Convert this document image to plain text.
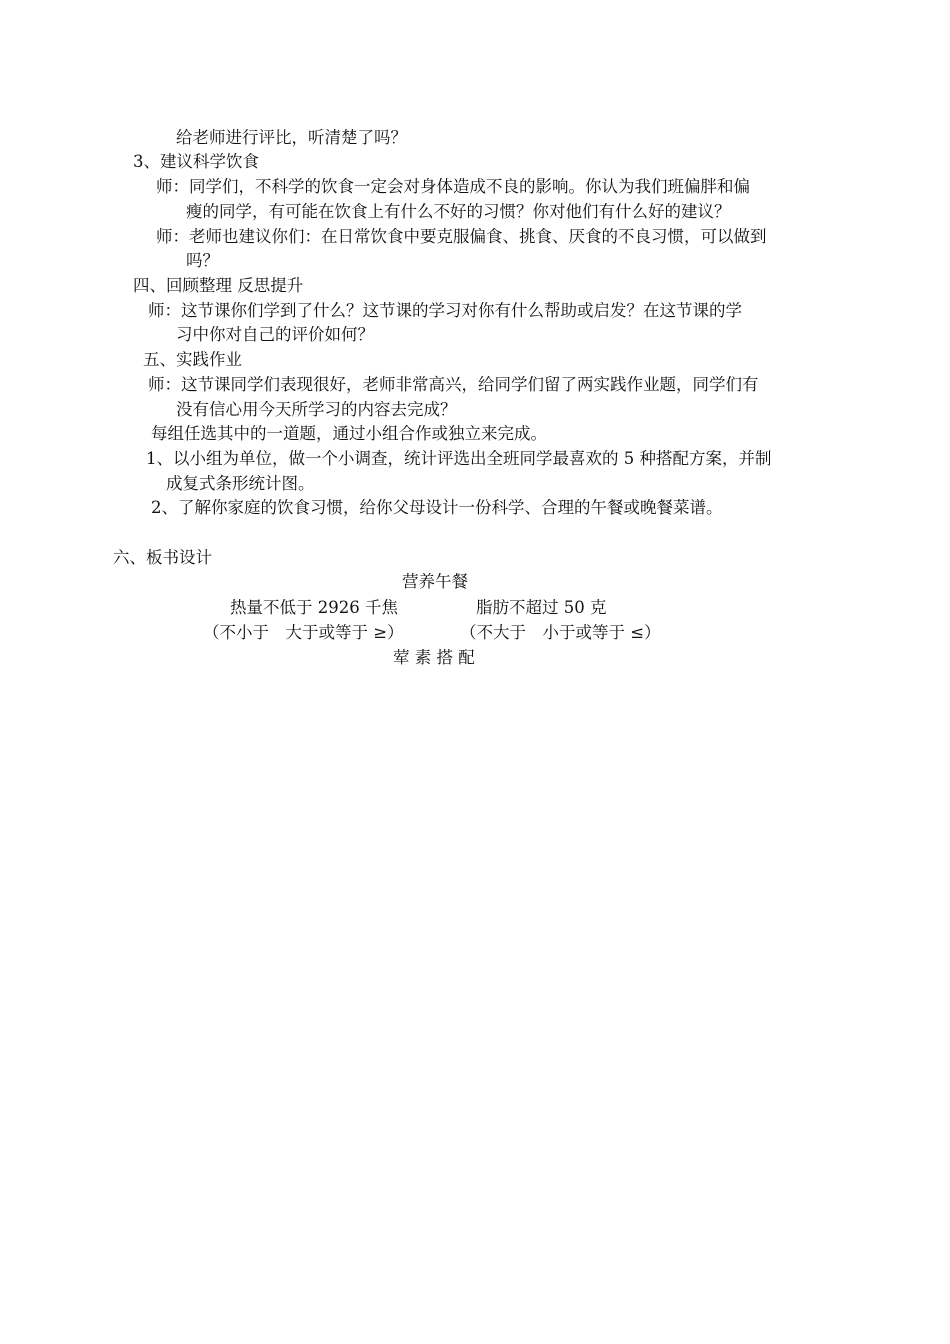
给老师进行评比，听清楚了吗？
3、建议科学饮食
师：同学们，不科学的饮食一定会对身体造成不良的影响。你认为我们班偏胖和偏
瘦的同学，有可能在饮食上有什么不好的习惯？你对他们有什么好的建议？
师：老师也建议你们：在日常饮食中要克服偏食、挑食、厌食的不良习惯，可以做到
吗？
四、回顾整理 反思提升
师：这节课你们学到了什么？这节课的学习对你有什么帮助或启发？在这节课的学
习中你对自己的评价如何？
五、实践作业
师：这节课同学们表现很好，老师非常高兴，给同学们留了两实践作业题，同学们有
没有信心用今天所学习的内容去完成？
每组任选其中的一道题，通过小组合作或独立来完成。
1、以小组为单位，做一个小调查，统计评选出全班同学最喜欢的 5 种搭配方案，并制
成复式条形统计图。
2、了解你家庭的饮食习惯，给你父母设计一份科学、合理的午餐或晚餐菜谱。
六、板书设计
营养午餐
热量不低于 2926 千焦	脂肪不超过 50 克
（不小于　大于或等于 ≥）	（不大于　小于或等于 ≤）
荤 素 搭 配
